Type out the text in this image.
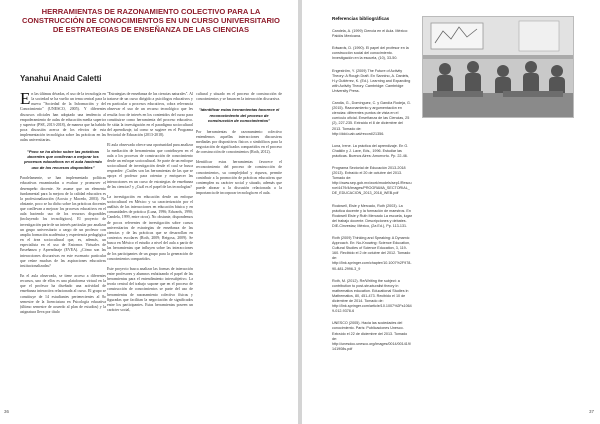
HERRAMIENTAS DE RAZONAMIENTO COLECTIVO PARA LA CONSTRUCCIÓN DE CONOCIMIENTOS EN UN CURSO UNIVERSITARIO DE ESTRATEGIAS DE ENSEÑANZA DE LAS CIENCIAS
Yanahui Anaid Caletti

En las últimas décadas, el uso de la tecnología en la sociedad se ha vuelto un tema central para la nueva "Sociedad de la Información y del Conocimiento" (UNESCO, 2005). Y diferentes discursos oficiales han adoptado una tendencia al empoderamiento de aulas de educación media superior y superior (PSE, 2013-2018), de manera que ha habido poca discusión acerca de los efectos de esta implementación tecnológica sobre las prácticas en las aulas universitarias.

"Poco se ha dicho sobre las prácticas docentes que conllevan a mejorar los procesos educativos en el aula haciendo uso de los recursos disponibles"

Paralelamente, se han implementado políticas educativas encaminadas a evaluar y promover el desempeño docente. Se asume que un elemento fundamental para la mejora de la calidad educativa es la profesionalización (Acosta y Macedo, 2003). No obstante, poco se ha dicho sobre las prácticas docentes que conllevan a mejorar los procesos educativos en el aula haciendo uso de los recursos disponibles (incluyendo los tecnológicos). El proyecto de investigación parte de un interés particular por analizar un grupo universitario a cargo de un profesor con amplia formación académica y experiencia pedagógica en el área sociocultural que, es, además, un especialista en el uso de Entornos Virtuales de Enseñanza y Aprendizaje (EVEA). ¿Cómo son las interacciones discursivas en este escenario particular que reúne muchas de las aspiraciones educativas institucionalizadas?

En el aula observada, se tiene acceso a diferentes recursos, uno de ellos es una plataforma virtual en la que el profesor ha diseñado una actividad de enseñanza interactiva relacionada al curso. El grupo se constituye de 14 estudiantes pertenecientes al 8o semestre de la licenciatura en Psicología educativa (último semestre de acuerdo al plan de estudios) y la asignatura lleva por título

"Estrategias de enseñanza de las ciencias naturales". Al tratarse de un curso dirigido a psicólogos educativos y en particular a procesos educativos, cobra relevancia observar el uso de un recurso tecnológico que les resulta foco de interés en los contenidos del curso para constituirse como herramienta del proceso educativo. Se sitúa la investigación en el paradigma sociocultural del aprendizaje, tal como se sugiere en el Programa Sectorial de Educación (2013-2018).

El aula observada ofrece una oportunidad para analizar la mediación de herramientas que contribuyen en el aula a los procesos de construcción de conocimiento desde un enfoque sociocultural. Se parte de un enfoque sociocultural de investigación desde el cual se busca responder: ¿Cuáles son las herramientas de las que se apoya el profesor para orientar y enriquecer las interacciones en un curso de estrategias de enseñanza de las ciencias? y ¿Cuál es el papel de las tecnologías?

La investigación en educación desde un enfoque sociocultural en México y su caracterización por el análisis de las interacciones en educación básica y en comunidades de práctica (Luna, 1996; Edwards, 1990; Candela, 1999, entre otros). No obstante, dispondemos de pocos referentes de investigación sobre cursos universitarios de estrategias de enseñanza de las ciencias y de las prácticas que se desarrollan en contextos escolares (Roth, 2009; Reigosa, 2009). Se busca en México el estudio a nivel del aula a partir de las herramientas que influyen sobre las interacciones de los participantes de un grupo para la generación de conocimientos compartidos.

Este proyecto busca analizar las formas de interacción entre profesores y alumnos enfatizando el papel de las herramientas para el entendimiento intersubjetivo. La teoría central del trabajo supone que en el proceso de construcción de conocimientos se parte del uso de herramientas de razonamiento colectivo físicas y figuradas que facilitan la negociación de significados entre los participantes. Estas herramientas poseen un carácter social,

cultural y situado en el proceso de construcción de conocimientos y se basan en la interacción discursiva.

"Identificar estas herramientas favorece el reconocimiento del proceso de construcción de conocimientos"

Por herramientas de razonamiento colectivo entendemos aquellas interacciones discursivas mediadas por dispositivos físicos o simbólicos para la negociación de significados compartidos en el proceso de construcción de conocimientos (Roth, 2012).

Identificar estas herramientas favorece el reconocimiento del proceso de construcción de conocimientos, su complejidad y riqueza, permite contribuir a la promoción de prácticas educativas que contemplen su carácter social y situado, además que puede abonar a la discusión relacionada a la importancia de incorporar tecnología en el aula.

36

Referencias bibliográficas

Candela, A. (1999) Ciencia en el Aula. México: Paidós Mexicana.

Edwards, D. (1990). El papel del profesor en la construcción social del conocimiento. Investigación en la escuela, (10), 33-50.

Engeström, Y. (2009) The Future of Activity Theory: A Rough Draft. En Sannino, A. Daniels, H.y Gutiérrez, K. (Ed.). Learning and Expanding with Activity Theory. Cambridge: Cambridge University Press.

Candia, G., Domínguez, C. y Gandía Rodeja, G. (2015). Razonamiento y argumentación en ciencias: diferentes puntos de vista en el currículo oficial. Enseñanza de las Ciencias, 25 (2), 227-235. Extraído el 8 de diciembre del 2013. Tomado de: http://ddd.uab.cat/record/21356.

Luna, Irene. La práctica del aprendizaje. En G. Chaiklin y J. Lave, Eds., 1996. Estudiar las prácticas. Buenos Aires: Amorrortu. Pp. 22-46.

Programa Sectorial de Educación 2013-2018 (2013). Extraído el 20 de octubre del 2013. Tomado de: http://www.sep.gob.mx/work/models/sep1/Resource/4479/4/images/PROGRAMA_SECTORIAL_DE_EDUCACION_2013_2018_WEB.pdf

Rockwell, Elsie y Mercado, Ruth (2003). La práctica docente y la formación de maestros. En Rockwell Elsie y Ruth Mercado La escuela, lugar del trabajo docente. Descripciones y debates. DIE-Cinvestav, México, (2a Ed.), Pp. 113-131.

Roth (2009) Thinking and Speaking: A Dynamic Approach. En: No-Knowing: Science Education, Cultural Studies of Science Education, 3, 119-160. Recibido el 2 de octubre del 2012. Tomado de: http://link.springer.com/chapter/10.1007%2F978-90-481-2996-3_9

Roth, M. (2012). Re/Writing the subject: a contribution to post-structuralist theory in mathematics education. Educational Studies in Mathematics, 80, 451-473. Recibido el 10 de diciembre de 2014. Tomado de: http://link.springer.com/article/10.1007%2Fs10649-012-9378-6

UNESCO (2005). Hacia las sociedades del conocimiento. París: Publicaciones Unesco. Extraído el 22 de diciembre del 2013. Tomado de: http://unesdoc.unesco.org/images/0014/001419/141908s.pdf

37
